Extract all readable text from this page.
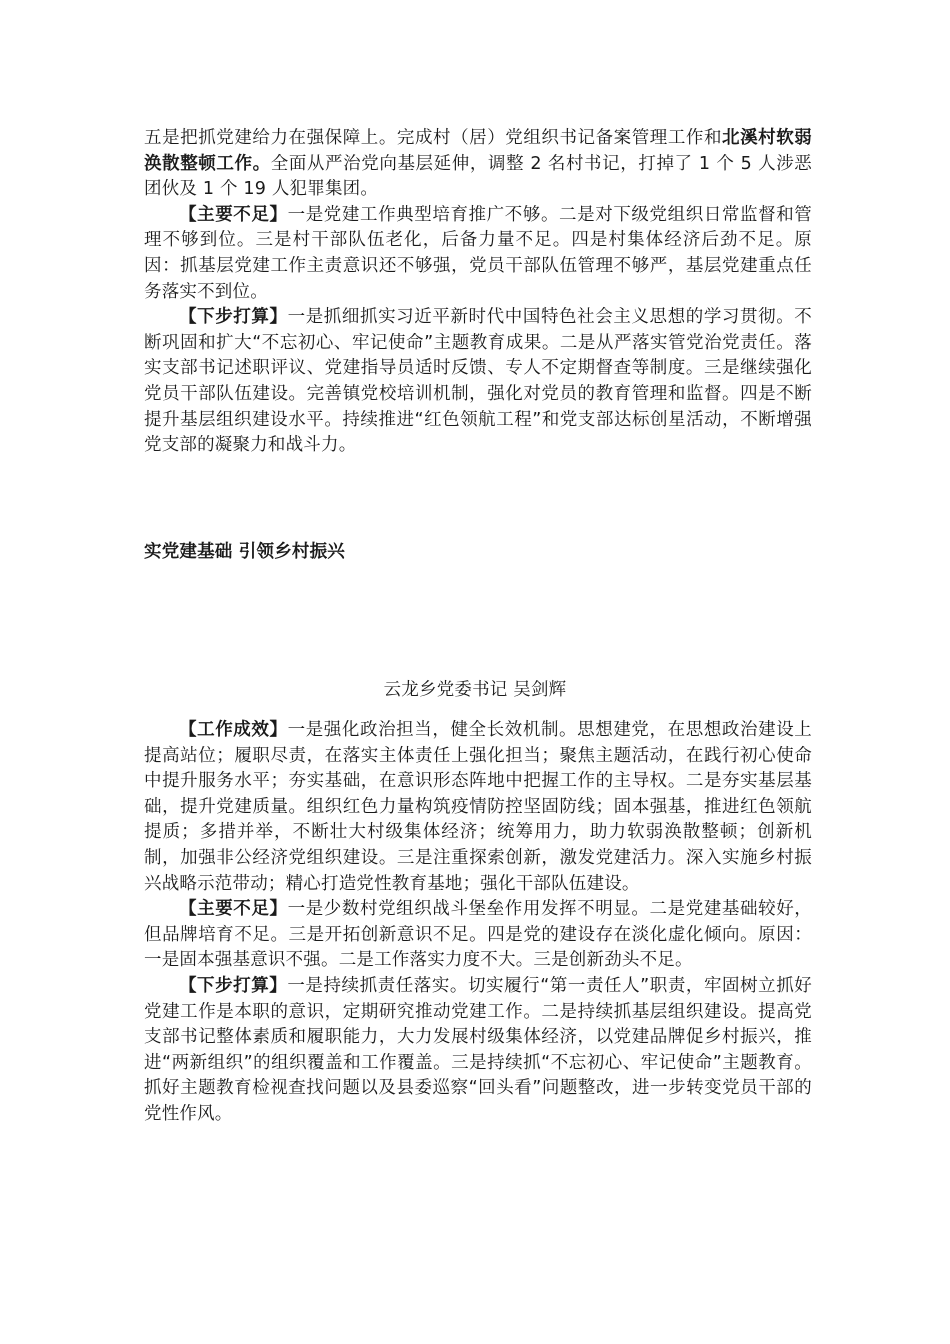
五是把抓党建给力在强保障上。完成村（居）党组织书记备案管理工作和北溪村软弱涣散整顿工作。全面从严治党向基层延伸，调整 2 名村书记，打掉了 1 个 5 人涉恶团伙及 1 个 19 人犯罪集团。

【主要不足】一是党建工作典型培育推广不够。二是对下级党组织日常监督和管理不够到位。三是村干部队伍老化，后备力量不足。四是村集体经济后劲不足。原因：抓基层党建工作主责意识还不够强，党员干部队伍管理不够严，基层党建重点任务落实不到位。

【下步打算】一是抓细抓实习近平新时代中国特色社会主义思想的学习贯彻。不断巩固和扩大“不忘初心、牢记使命”主题教育成果。二是从严落实管党治党责任。落实支部书记述职评议、党建指导员适时反馈、专人不定期督查等制度。三是继续强化党员干部队伍建设。完善镇党校培训机制，强化对党员的教育管理和监督。四是不断提升基层组织建设水平。持续推进“红色领航工程”和党支部达标创星活动，不断增强党支部的凝聚力和战斗力。

实党建基础 引领乡村振兴
云龙乡党委书记 吴剑辉

【工作成效】一是强化政治担当，健全长效机制。思想建党，在思想政治建设上提高站位；履职尽责，在落实主体责任上强化担当；聚焦主题活动，在践行初心使命中提升服务水平；夯实基础，在意识形态阵地中把握工作的主导权。二是夯实基层基础，提升党建质量。组织红色力量构筑疫情防控坚固防线；固本强基，推进红色领航提质；多措并举，不断壮大村级集体经济；统筹用力，助力软弱涣散整顿；创新机制，加强非公经济党组织建设。三是注重探索创新，激发党建活力。深入实施乡村振兴战略示范带动；精心打造党性教育基地；强化干部队伍建设。

【主要不足】一是少数村党组织战斗堡垒作用发挥不明显。二是党建基础较好，但品牌培育不足。三是开拓创新意识不足。四是党的建设存在淡化虚化倾向。原因：一是固本强基意识不强。二是工作落实力度不大。三是创新劲头不足。

【下步打算】一是持续抓责任落实。切实履行“第一责任人”职责，牢固树立抓好党建工作是本职的意识，定期研究推动党建工作。二是持续抓基层组织建设。提高党支部书记整体素质和履职能力，大力发展村级集体经济，以党建品牌促乡村振兴，推进“两新组织”的组织覆盖和工作覆盖。三是持续抓“不忘初心、牢记使命”主题教育。抓好主题教育检视查找问题以及县委巡察“回头看”问题整改，进一步转变党员干部的党性作风。
